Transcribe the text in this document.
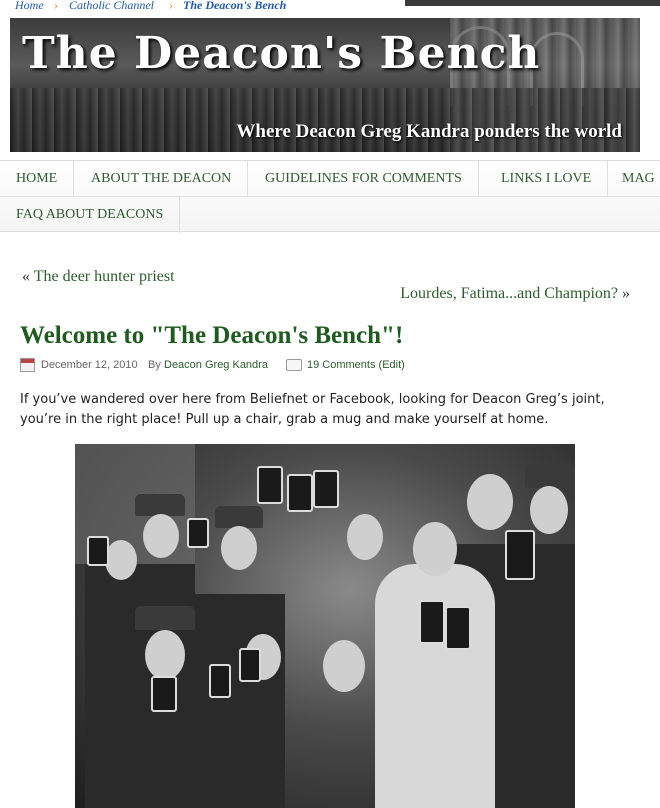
Home › Catholic Channel › The Deacon's Bench
The Deacon's Bench
Where Deacon Greg Kandra ponders the world
HOME	ABOUT THE DEACON	GUIDELINES FOR COMMENTS	LINKS I LOVE	MAG
FAQ ABOUT DEACONS
« The deer hunter priest
Lourdes, Fatima...and Champion? »
Welcome to "The Deacon's Bench"!
December 12, 2010 By Deacon Greg Kandra	19 Comments (Edit)

If you’ve wandered over here from Beliefnet or Facebook, looking for Deacon Greg’s joint, you’re in the right place! Pull up a chair, grab a mug and make yourself at home.
